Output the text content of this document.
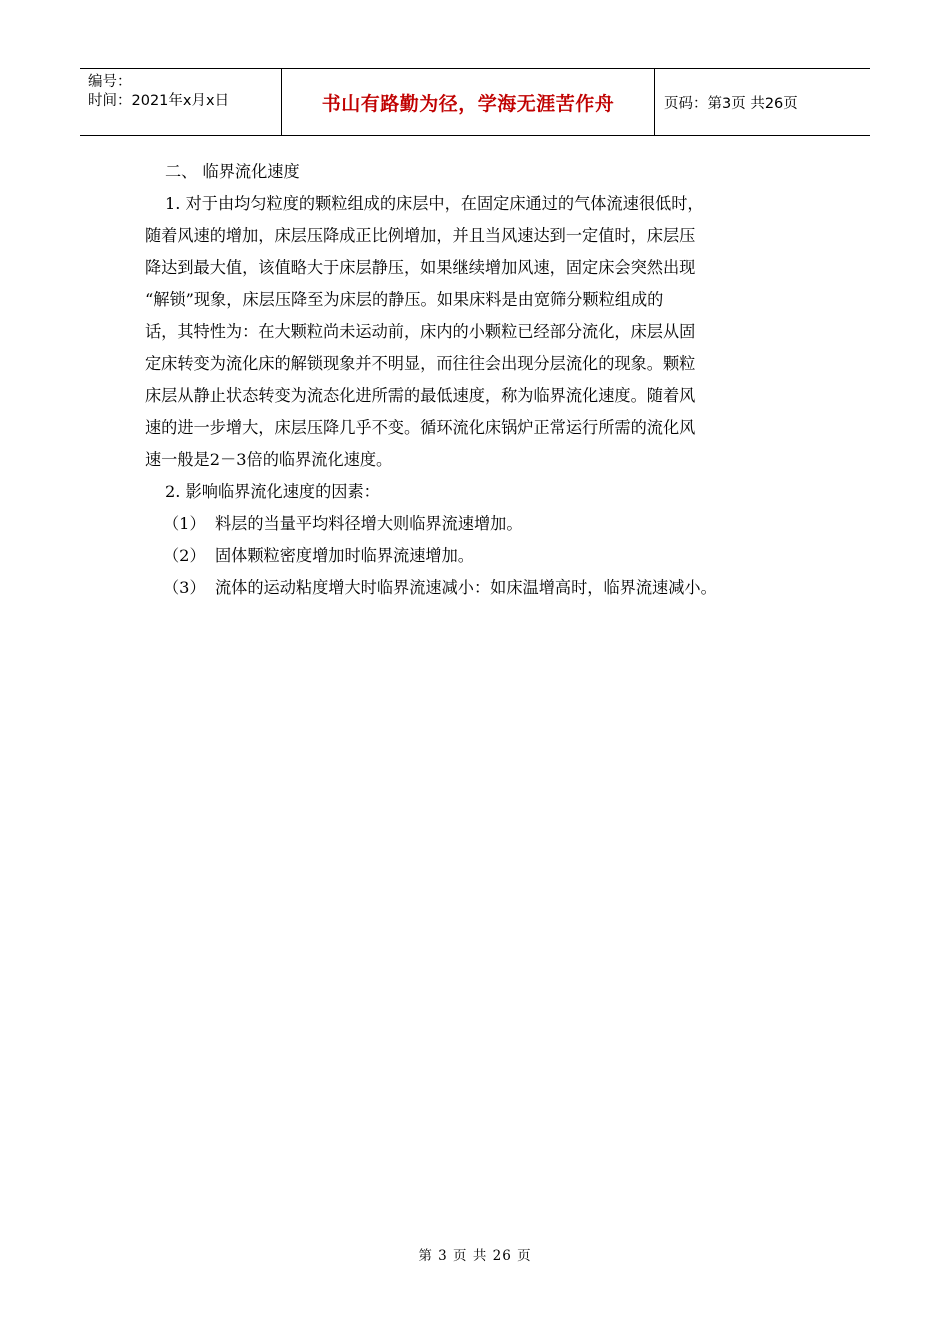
编号：
时间：2021年x月x日	书山有路勤为径，学海无涯苦作舟	页码：第3页 共26页
二、 临界流化速度
1. 对于由均匀粒度的颗粒组成的床层中，在固定床通过的气体流速很低时，
随着风速的增加，床层压降成正比例增加，并且当风速达到一定值时，床层压
降达到最大值，该值略大于床层静压，如果继续增加风速，固定床会突然出现
“解锁”现象，床层压降至为床层的静压。如果床料是由宽筛分颗粒组成的
话，其特性为：在大颗粒尚未运动前，床内的小颗粒已经部分流化，床层从固
定床转变为流化床的解锁现象并不明显，而往往会出现分层流化的现象。颗粒
床层从静止状态转变为流态化进所需的最低速度，称为临界流化速度。随着风
速的进一步增大，床层压降几乎不变。循环流化床锅炉正常运行所需的流化风
速一般是2－3倍的临界流化速度。
2. 影响临界流化速度的因素：
（1） 料层的当量平均料径增大则临界流速增加。
（2） 固体颗粒密度增加时临界流速增加。
（3） 流体的运动粘度增大时临界流速减小：如床温增高时，临界流速减小。
第 3 页 共 26 页
